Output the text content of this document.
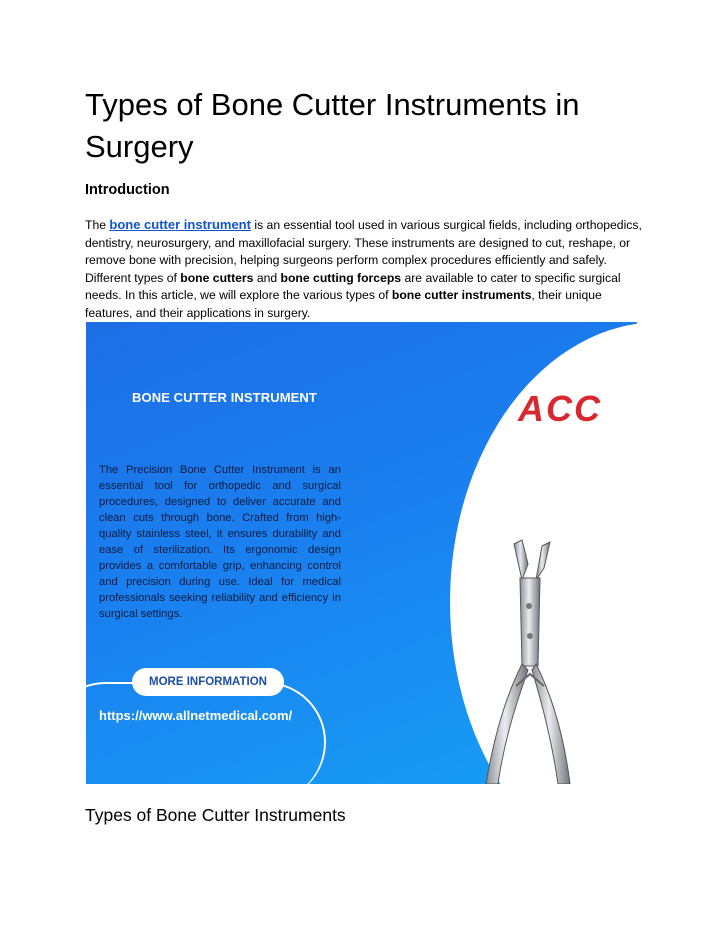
Types of Bone Cutter Instruments in Surgery
Introduction

The bone cutter instrument is an essential tool used in various surgical fields, including orthopedics, dentistry, neurosurgery, and maxillofacial surgery. These instruments are designed to cut, reshape, or remove bone with precision, helping surgeons perform complex procedures efficiently and safely. Different types of bone cutters and bone cutting forceps are available to cater to specific surgical needs. In this article, we will explore the various types of bone cutter instruments, their unique features, and their applications in surgery.

BONE CUTTER INSTRUMENT	ACC
The Precision Bone Cutter Instrument is an essential tool for orthopedic and surgical procedures, designed to deliver accurate and clean cuts through bone. Crafted from high-quality stainless steel, it ensures durability and ease of sterilization. Its ergonomic design provides a comfortable grip, enhancing control and precision during use. Ideal for medical professionals seeking reliability and efficiency in surgical settings.
MORE INFORMATION
https://www.allnetmedical.com/
Types of Bone Cutter Instruments
